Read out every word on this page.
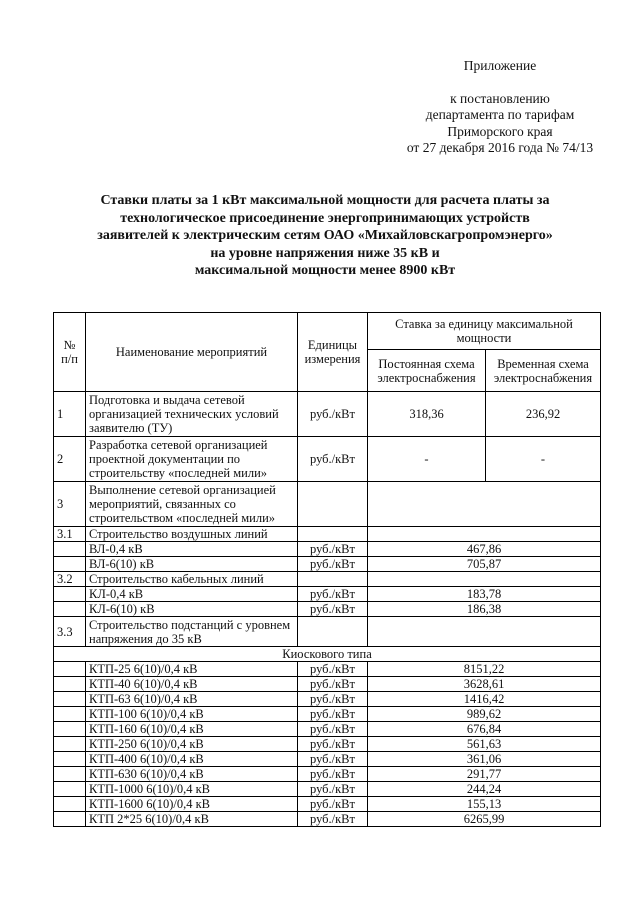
Приложение
к постановлению
департамента по тарифам
Приморского края
от 27 декабря 2016 года № 74/13
Ставки платы за 1 кВт максимальной мощности для расчета платы за
технологическое присоединение энергопринимающих устройств
заявителей к электрическим сетям ОАО «Михайловскагропромэнерго»
на уровне напряжения ниже 35 кВ и
максимальной мощности менее 8900 кВт
№ п/п	Наименование мероприятий	Единицы измерения	Ставка за единицу максимальной мощности	
			Постоянная схема электроснабжения	Временная схема электроснабжения
1	Подготовка и выдача сетевой организацией технических условий заявителю (ТУ)	руб./кВт	318,36	236,92
2	Разработка сетевой организацией проектной документации по строительству «последней мили»	руб./кВт	-	-
3	Выполнение сетевой организацией мероприятий, связанных со строительством «последней мили»			
3.1	Строительство воздушных линий			
	ВЛ-0,4 кВ	руб./кВт	467,86	
	ВЛ-6(10) кВ	руб./кВт	705,87	
3.2	Строительство кабельных линий			
	КЛ-0,4 кВ	руб./кВт	183,78	
	КЛ-6(10) кВ	руб./кВт	186,38	
3.3	Строительство подстанций с уровнем напряжения до 35 кВ			
Киоскового типа				
	КТП-25 6(10)/0,4 кВ	руб./кВт	8151,22	
	КТП-40 6(10)/0,4 кВ	руб./кВт	3628,61	
	КТП-63 6(10)/0,4 кВ	руб./кВт	1416,42	
	КТП-100 6(10)/0,4 кВ	руб./кВт	989,62	
	КТП-160 6(10)/0,4 кВ	руб./кВт	676,84	
	КТП-250 6(10)/0,4 кВ	руб./кВт	561,63	
	КТП-400 6(10)/0,4 кВ	руб./кВт	361,06	
	КТП-630 6(10)/0,4 кВ	руб./кВт	291,77	
	КТП-1000 6(10)/0,4 кВ	руб./кВт	244,24	
	КТП-1600 6(10)/0,4 кВ	руб./кВт	155,13	
	КТП 2*25 6(10)/0,4 кВ	руб./кВт	6265,99	
